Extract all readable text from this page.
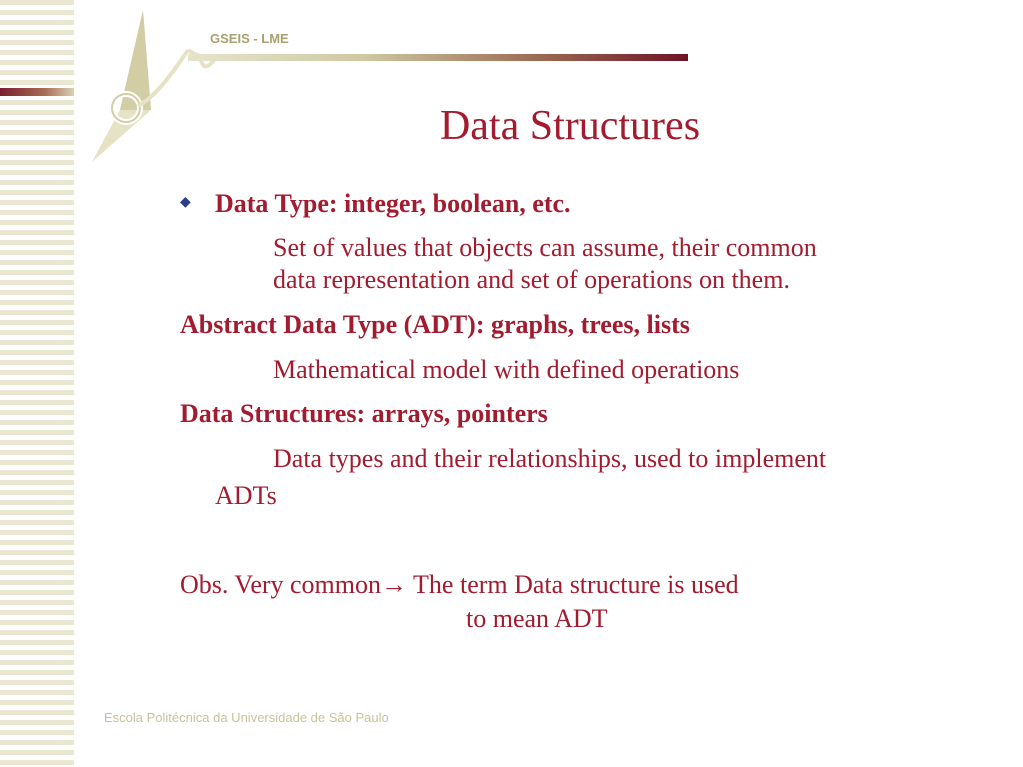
GSEIS - LME
Data Structures
◆ Data Type: integer, boolean, etc.
Set of values that objects can assume, their common
data representation and set of operations on them.
Abstract Data Type (ADT): graphs, trees, lists
Mathematical model with defined operations
Data Structures: arrays, pointers
Data types and their relationships, used to implement
ADTs
Obs. Very common→ The term Data structure is used
to mean ADT
Escola Politécnica da Universidade de São Paulo
